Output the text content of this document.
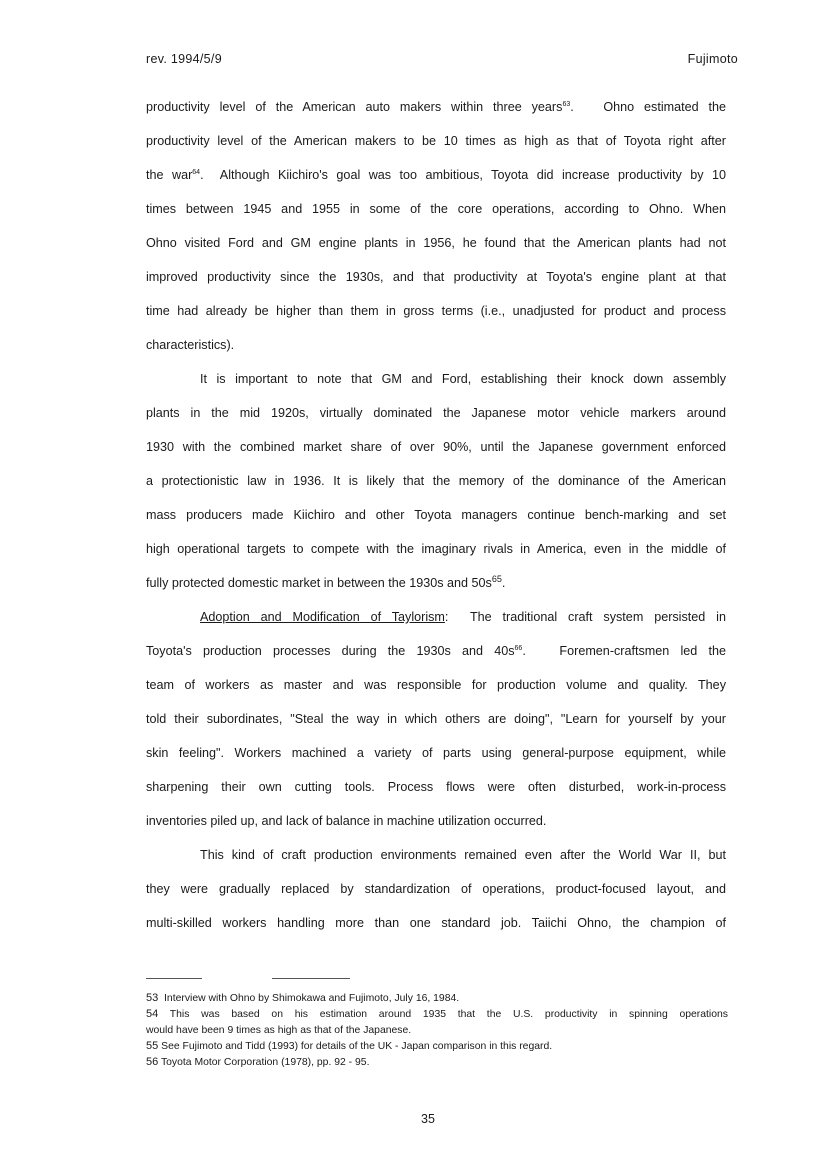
rev. 1994/5/9	Fujimoto
productivity level of the American auto makers within three years$^{63}$. Ohno estimated the
productivity level of the American makers to be 10 times as high as that of Toyota right after
the war$^{64}$. Although Kiichiro's goal was too ambitious, Toyota did increase productivity by 10
times between 1945 and 1955 in some of the core operations, according to Ohno. When
Ohno visited Ford and GM engine plants in 1956, he found that the American plants had not
improved productivity since the 1930s, and that productivity at Toyota's engine plant at that
time had already be higher than them in gross terms (i.e., unadjusted for product and process
characteristics).
It is important to note that GM and Ford, establishing their knock down assembly
plants in the mid 1920s, virtually dominated the Japanese motor vehicle markers around
1930 with the combined market share of over 90%, until the Japanese government enforced
a protectionistic law in 1936. It is likely that the memory of the dominance of the American
mass producers made Kiichiro and other Toyota managers continue bench-marking and set
high operational targets to compete with the imaginary rivals in America, even in the middle of
fully protected domestic market in between the 1930s and 50s$^{65}$.
Adoption and Modification of Taylorism: The traditional craft system persisted in
Toyota's production processes during the 1930s and 40s$^{66}$.	Foremen-craftsmen led the
team of workers as master and was responsible for production volume and quality. They
told their subordinates, "Steal the way in which others are doing", "Learn for yourself by your
skin feeling". Workers machined a variety of parts using general-purpose equipment, while
sharpening their own cutting tools. Process flows were often disturbed, work-in-process
inventories piled up, and lack of balance in machine utilization occurred.
This kind of craft production environments remained even after the World War II, but
they were gradually replaced by standardization of operations, product-focused layout, and
multi-skilled workers handling more than one standard job. Taiichi Ohno, the champion of
53 Interview with Ohno by Shimokawa and Fujimoto, July 16, 1984.
54 This was based on his estimation around 1935 that the U.S. productivity in spinning operations
would have been 9 times as high as that of the Japanese.
55 See Fujimoto and Tidd (1993) for details of the UK - Japan comparison in this regard.
56 Toyota Motor Corporation (1978), pp. 92 - 95.
35
